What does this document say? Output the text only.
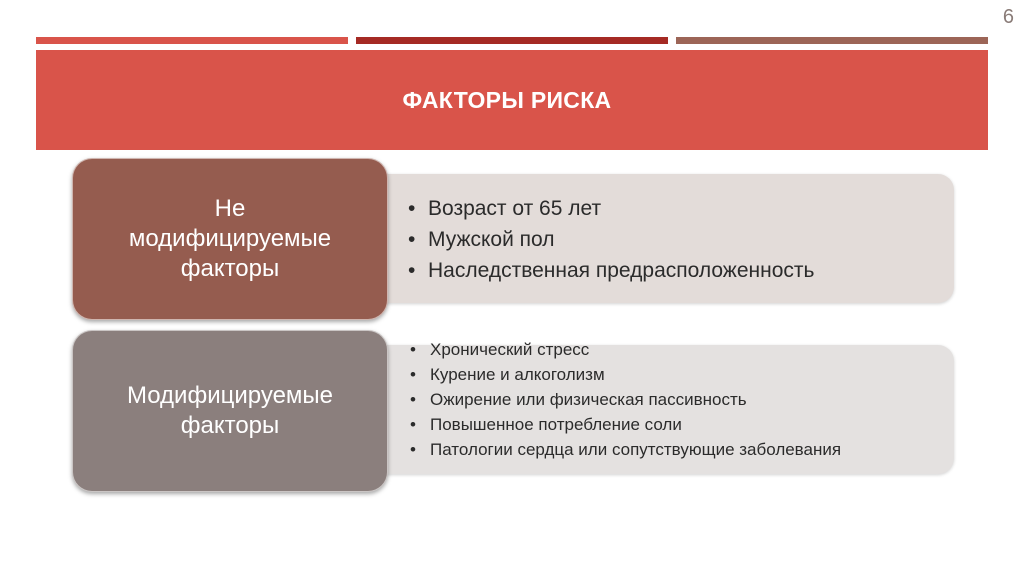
6
ФАКТОРЫ РИСКА
Не
модифицируемые
факторы
• Возраст от 65 лет
• Мужской пол
• Наследственная предрасположенность
Модифицируемые
факторы
• Хронический стресс
• Курение и алкоголизм
• Ожирение или физическая пассивность
• Повышенное потребление соли
• Патологии сердца или сопутствующие заболевания
